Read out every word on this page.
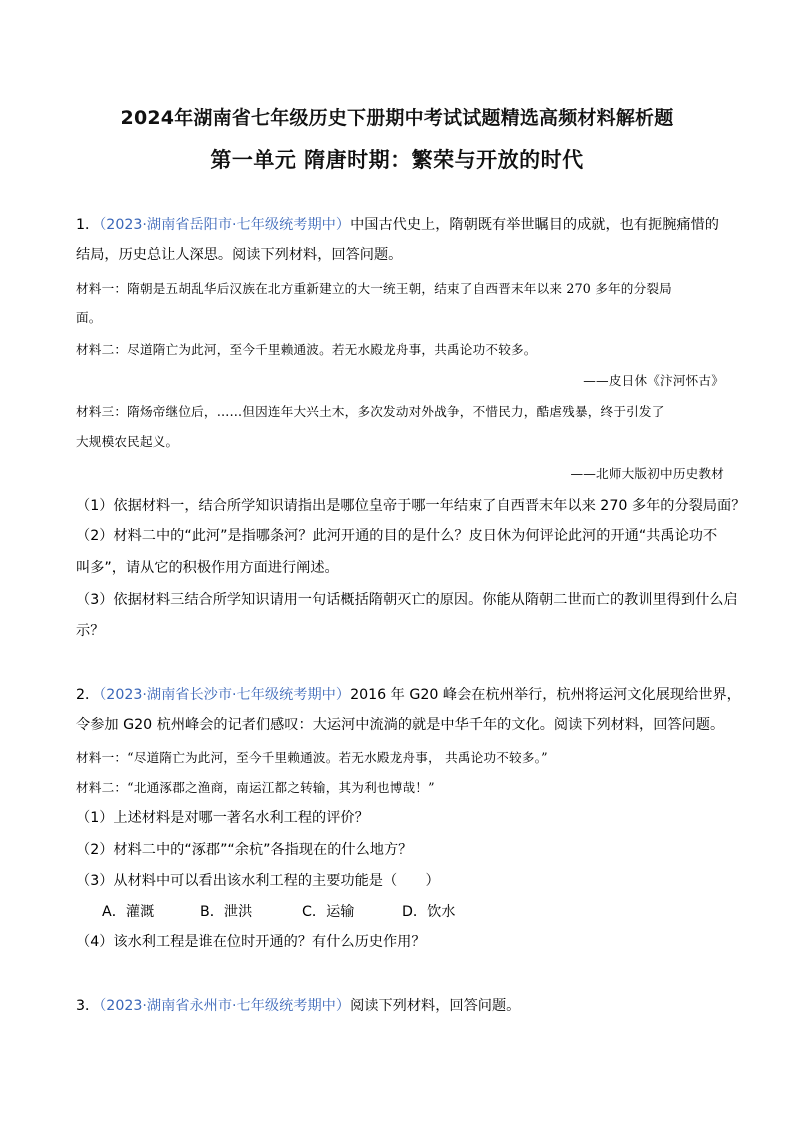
2024年湖南省七年级历史下册期中考试试题精选高频材料解析题
第一单元 隋唐时期：繁荣与开放的时代
1．（2023·湖南省岳阳市·七年级统考期中）中国古代史上，隋朝既有举世瞩目的成就，也有扼腕痛惜的
结局，历史总让人深思。阅读下列材料，回答问题。
材料一：隋朝是五胡乱华后汉族在北方重新建立的大一统王朝，结束了自西晋末年以来 270 多年的分裂局
面。
材料二：尽道隋亡为此河，至今千里赖通波。若无水殿龙舟事，共禹论功不较多。
——皮日休《汴河怀古》
材料三：隋炀帝继位后，……但因连年大兴土木，多次发动对外战争，不惜民力，酷虐残暴，终于引发了
大规模农民起义。
——北师大版初中历史教材
（1）依据材料一，结合所学知识请指出是哪位皇帝于哪一年结束了自西晋末年以来 270 多年的分裂局面？
（2）材料二中的“此河”是指哪条河？此河开通的目的是什么？皮日休为何评论此河的开通“共禹论功不
叫多”，请从它的积极作用方面进行阐述。
（3）依据材料三结合所学知识请用一句话概括隋朝灭亡的原因。你能从隋朝二世而亡的教训里得到什么启
示？
2．（2023·湖南省长沙市·七年级统考期中）2016 年 G20 峰会在杭州举行，杭州将运河文化展现给世界，
令参加 G20 杭州峰会的记者们感叹：大运河中流淌的就是中华千年的文化。阅读下列材料，回答问题。
材料一：“尽道隋亡为此河，至今千里赖通波。若无水殿龙舟事， 共禹论功不较多。”
材料二：“北通涿郡之渔商，南运江都之转输，其为利也博哉！”
（1）上述材料是对哪一著名水利工程的评价？
（2）材料二中的“涿郡”“余杭”各指现在的什么地方？
（3）从材料中可以看出该水利工程的主要功能是（　　）
A．灌溉	B．泄洪	C．运输	D．饮水
（4）该水利工程是谁在位时开通的？有什么历史作用？
3．（2023·湖南省永州市·七年级统考期中）阅读下列材料，回答问题。
